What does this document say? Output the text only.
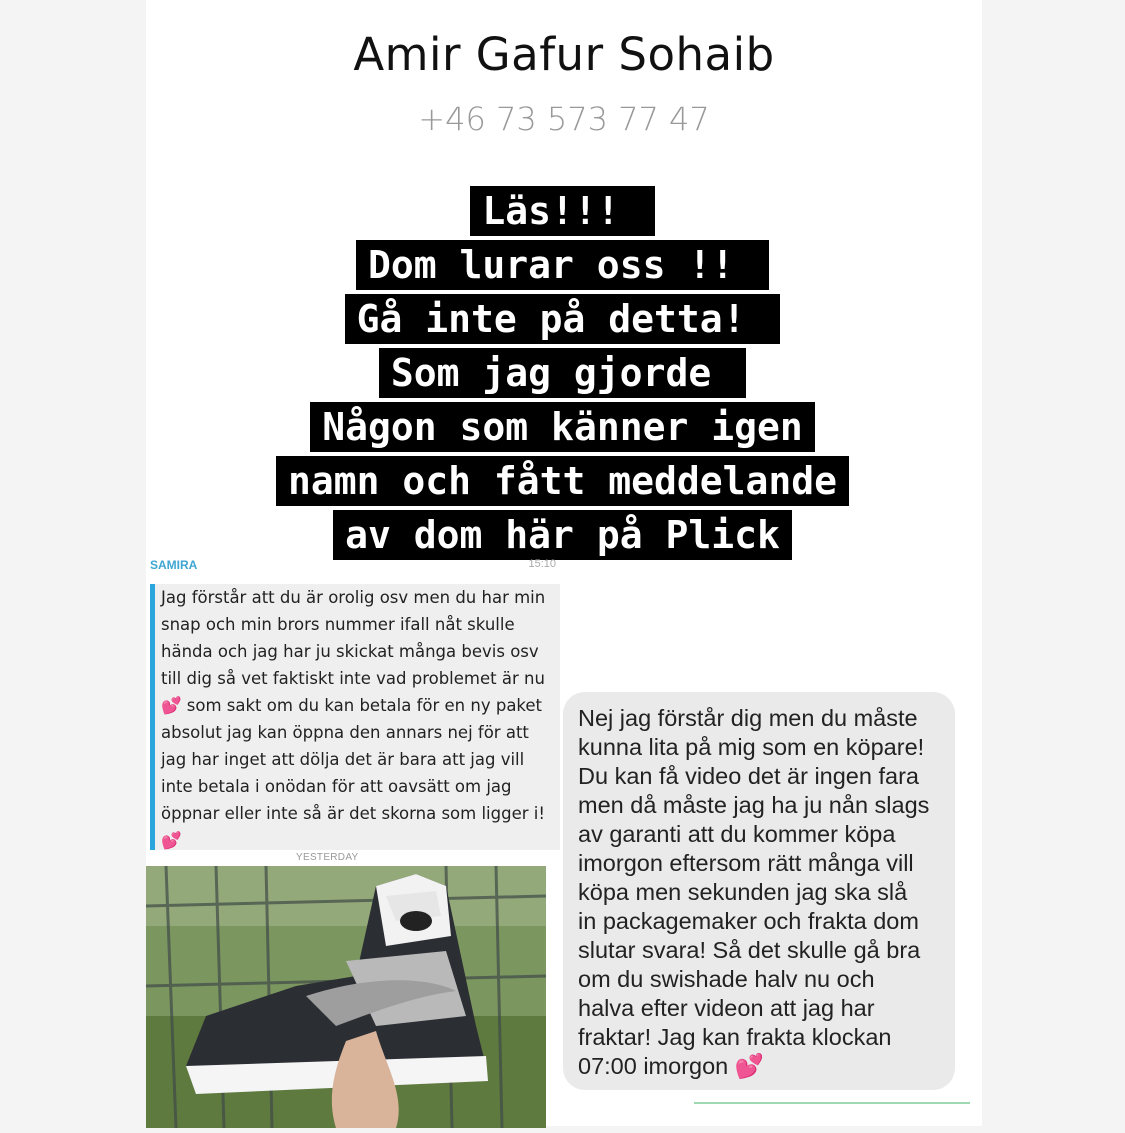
Amir Gafur Sohaib
+46 73 573 77 47
Läs!!!
Dom lurar oss !!
Gå inte på detta!
Som jag gjorde
Någon som känner igen
namn och fått meddelande
av dom här på Plick
SAMIRA	15:10
Jag förstår att du är orolig osv men du har min
snap och min brors nummer ifall nåt skulle
hända och jag har ju skickat många bevis osv
till dig så vet faktiskt inte vad problemet är nu
💕 som sakt om du kan betala för en ny paket
absolut jag kan öppna den annars nej för att
jag har inget att dölja det är bara att jag vill
inte betala i onödan för att oavsätt om jag
öppnar eller inte så är det skorna som ligger i!
💕
YESTERDAY
Nej jag förstår dig men du måste
kunna lita på mig som en köpare!
Du kan få video det är ingen fara
men då måste jag ha ju nån slags
av garanti att du kommer köpa
imorgon eftersom rätt många vill
köpa men sekunden jag ska slå
in packagemaker och frakta dom
slutar svara! Så det skulle gå bra
om du swishade halv nu och
halva efter videon att jag har
fraktar! Jag kan frakta klockan
07:00 imorgon 💕
